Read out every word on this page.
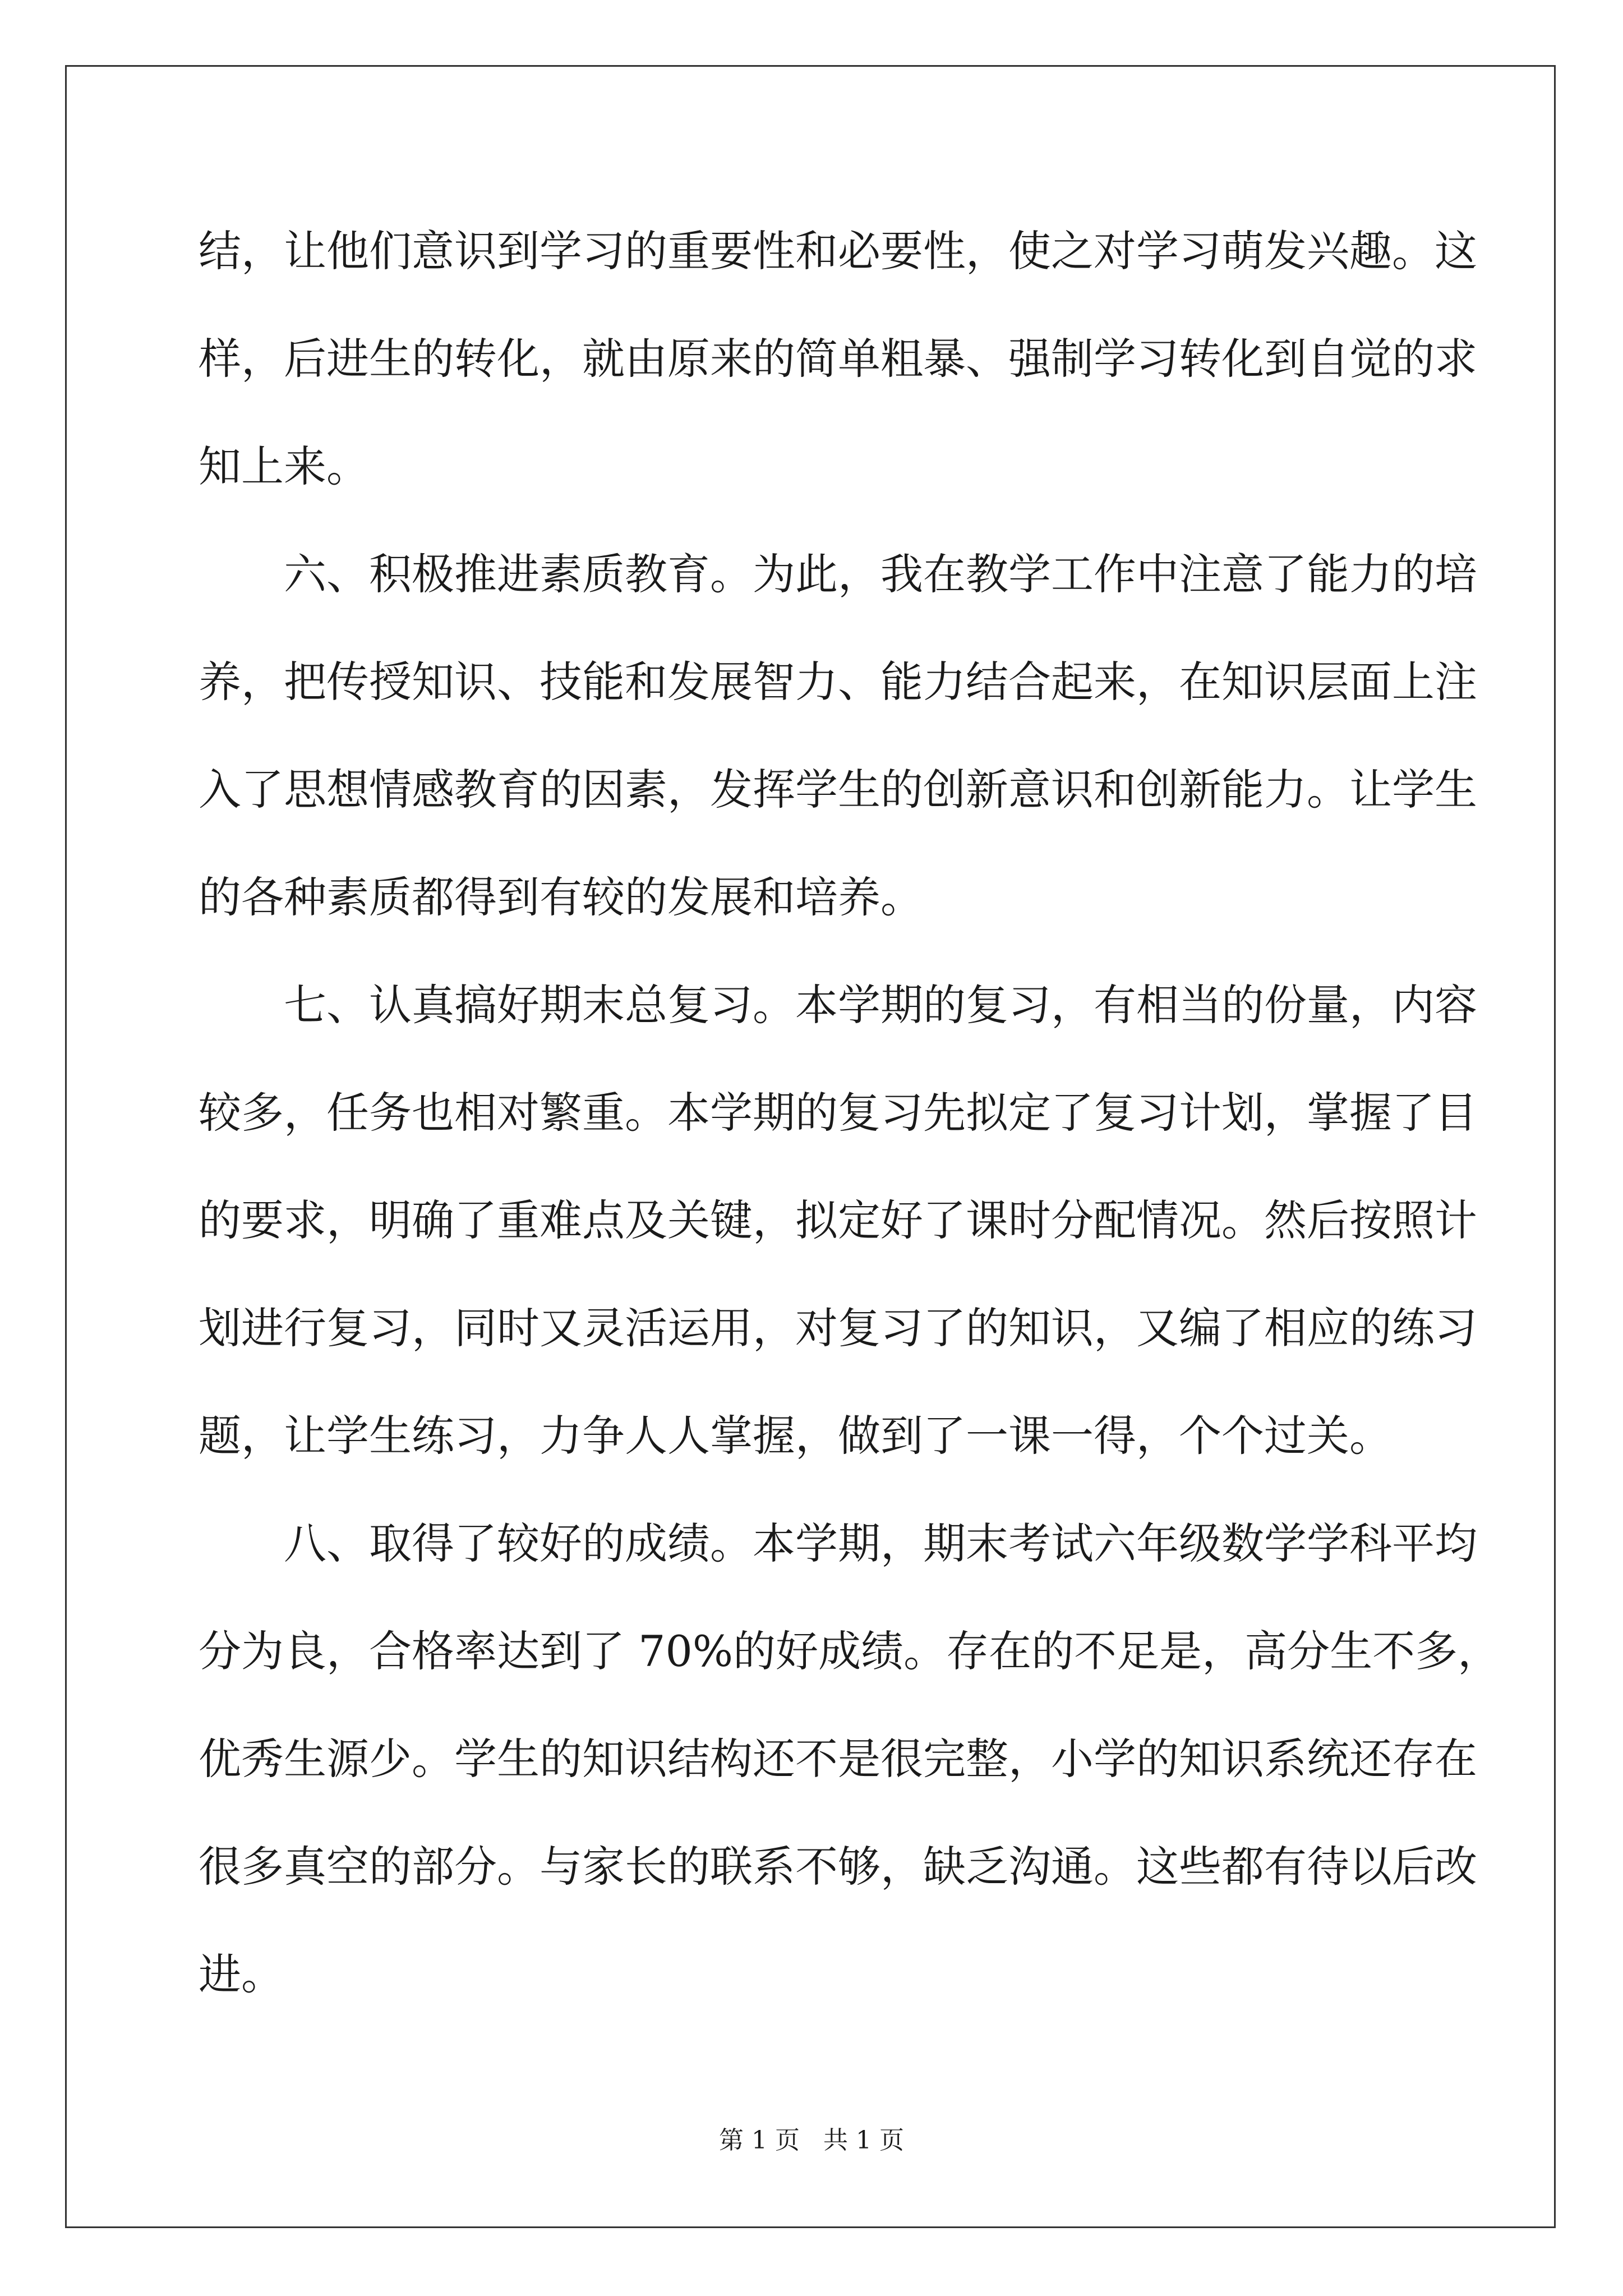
结，让他们意识到学习的重要性和必要性，使之对学习萌发兴趣。这
样，后进生的转化，就由原来的简单粗暴、强制学习转化到自觉的求
知上来。
六、积极推进素质教育。为此，我在教学工作中注意了能力的培
养，把传授知识、技能和发展智力、能力结合起来，在知识层面上注
入了思想情感教育的因素，发挥学生的创新意识和创新能力。让学生
的各种素质都得到有较的发展和培养。
七、认真搞好期末总复习。本学期的复习，有相当的份量，内容
较多，任务也相对繁重。本学期的复习先拟定了复习计划，掌握了目
的要求，明确了重难点及关键，拟定好了课时分配情况。然后按照计
划进行复习，同时又灵活运用，对复习了的知识，又编了相应的练习
题，让学生练习，力争人人掌握，做到了一课一得，个个过关。
八、取得了较好的成绩。本学期，期末考试六年级数学学科平均
分为良，合格率达到了 70%的好成绩。存在的不足是，高分生不多，
优秀生源少。学生的知识结构还不是很完整，小学的知识系统还存在
很多真空的部分。与家长的联系不够，缺乏沟通。这些都有待以后改
进。
第 1 页   共 1 页
